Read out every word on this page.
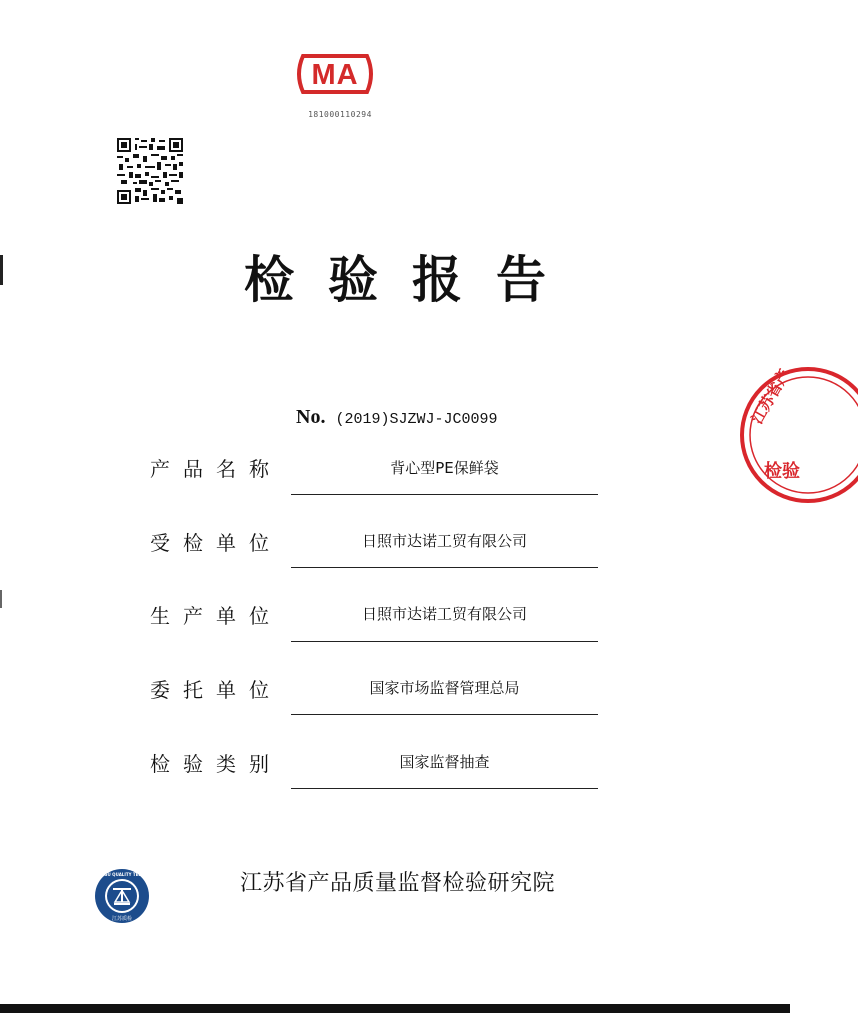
MA
181000110294
检验报告
江苏省产
检验
No. (2019)SJZWJ-JC0099
产品名称	背心型PE保鲜袋
受检单位	日照市达诺工贸有限公司
生产单位	日照市达诺工贸有限公司
委托单位	国家市场监督管理总局
检验类别	国家监督抽查
江苏质检
JIANGSU QUALITY TESTING	江苏省产品质量监督检验研究院
